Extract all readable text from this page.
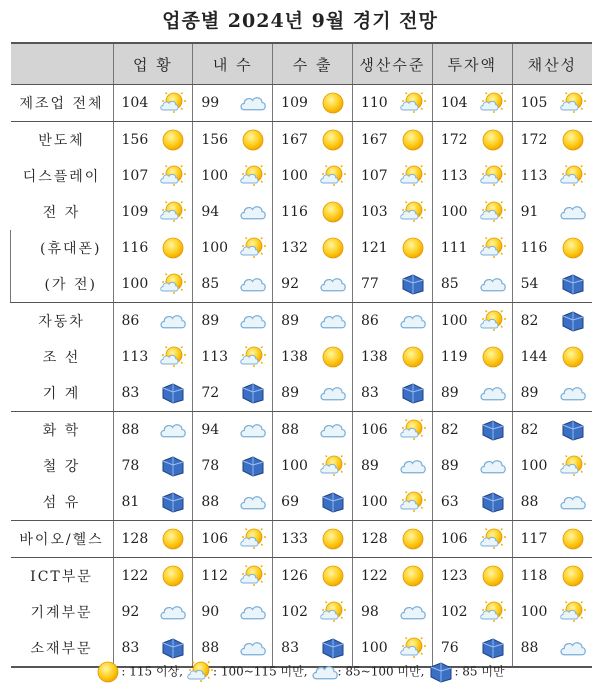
업종별 2024년 9월 경기 전망
	업 황	내 수	수 출	생산수준	투자액	채산성
제조업 전체	104	99	109	110	104	105

반도체	156	156	167	167	172	172

디스플레이	107	100	100	107	113	113

전 자	109	94	116	103	100	91

(휴대폰)	116	100	132	121	111	116

(가 전)	100	85	92	77	85	54

자동차	86	89	89	86	100	82

조 선	113	113	138	138	119	144

기 계	83	72	89	83	89	89

화 학	88	94	88	106	82	82

철 강	78	78	100	89	89	100

섬 유	81	88	69	100	63	88

바이오/헬스	128	106	133	128	106	117

ICT부문	122	112	126	122	123	118

기계부문	92	90	102	98	102	100

소재부문	83	88	83	100	76	88
: 115 이상,	: 100~115 미만,	: 85~100 미만,	: 85 미만
